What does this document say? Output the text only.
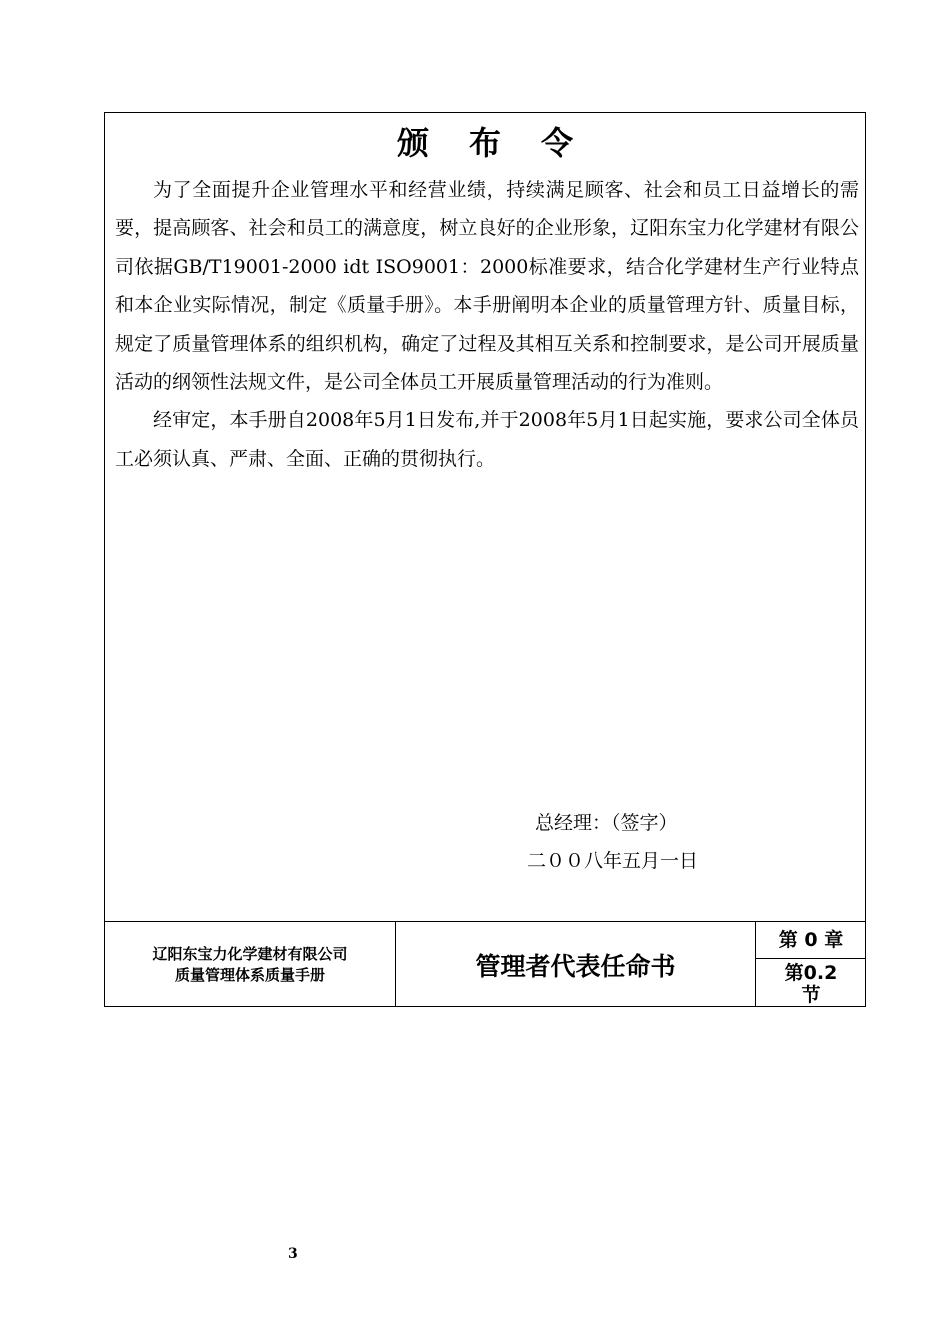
颁布令

为了全面提升企业管理水平和经营业绩，持续满足顾客、社会和员工日益增长的需要，提高顾客、社会和员工的满意度，树立良好的企业形象，辽阳东宝力化学建材有限公司依据GB/T19001-2000 idt ISO9001：2000标准要求，结合化学建材生产行业特点和本企业实际情况，制定《质量手册》。本手册阐明本企业的质量管理方针、质量目标，规定了质量管理体系的组织机构，确定了过程及其相互关系和控制要求，是公司开展质量活动的纲领性法规文件，是公司全体员工开展质量管理活动的行为准则。

经审定，本手册自2008年5月1日发布,并于2008年5月1日起实施，要求公司全体员工必须认真、严肃、全面、正确的贯彻执行。

总经理：（签字）
二００八年五月一日
辽阳东宝力化学建材有限公司
质量管理体系质量手册	管理者代表任命书
第 0 章
第0.2节
3
